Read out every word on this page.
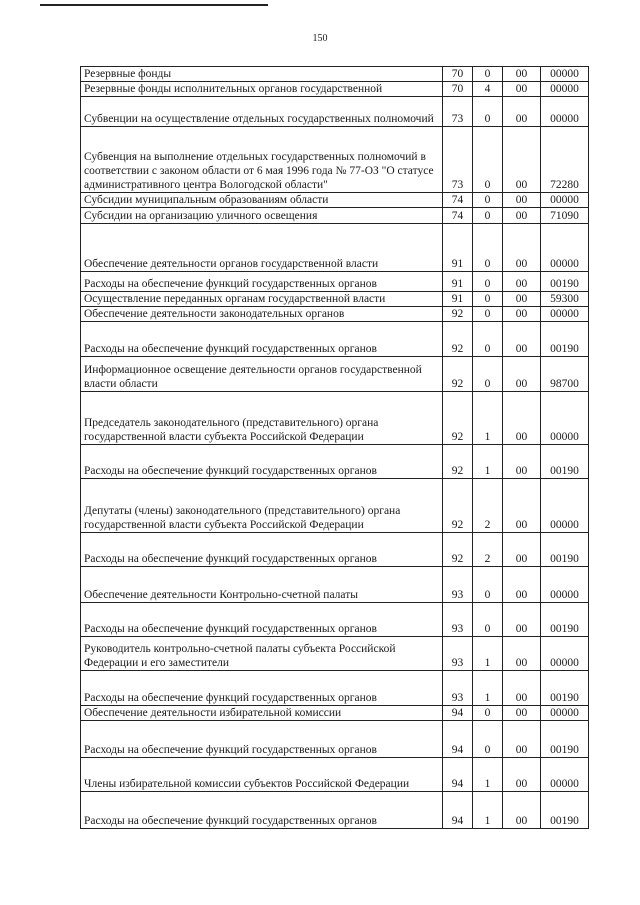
150
Резервные фонды	70	0	00	00000
Резервные фонды исполнительных органов государственной	70	4	00	00000
Субвенции на осуществление отдельных государственных полномочий	73	0	00	00000
Субвенция на выполнение отдельных государственных полномочий в соответствии с законом области от 6 мая 1996 года № 77-ОЗ "О статусе административного центра Вологодской области"	73	0	00	72280
Субсидии муниципальным образованиям области	74	0	00	00000
Субсидии на организацию уличного освещения	74	0	00	71090
Обеспечение деятельности органов государственной власти	91	0	00	00000
Расходы на обеспечение функций государственных органов	91	0	00	00190
Осуществление переданных органам государственной власти	91	0	00	59300
Обеспечение деятельности законодательных органов	92	0	00	00000
Расходы на обеспечение функций государственных органов	92	0	00	00190
Информационное освещение деятельности органов государственной власти области	92	0	00	98700
Председатель законодательного (представительного) органа государственной власти субъекта Российской Федерации	92	1	00	00000
Расходы на обеспечение функций государственных органов	92	1	00	00190
Депутаты (члены) законодательного (представительного) органа государственной власти субъекта Российской Федерации	92	2	00	00000
Расходы на обеспечение функций государственных органов	92	2	00	00190
Обеспечение деятельности Контрольно-счетной палаты	93	0	00	00000
Расходы на обеспечение функций государственных органов	93	0	00	00190
Руководитель контрольно-счетной палаты субъекта Российской Федерации и его заместители	93	1	00	00000
Расходы на обеспечение функций государственных органов	93	1	00	00190
Обеспечение деятельности избирательной комиссии	94	0	00	00000
Расходы на обеспечение функций государственных органов	94	0	00	00190
Члены избирательной комиссии субъектов Российской Федерации	94	1	00	00000
Расходы на обеспечение функций государственных органов	94	1	00	00190
